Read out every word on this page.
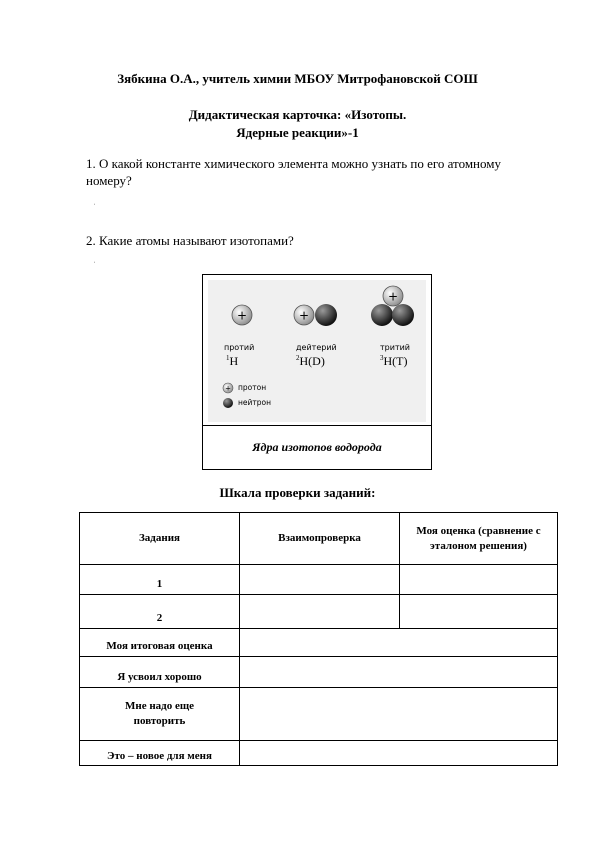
Зябкина О.А., учитель химии МБОУ Митрофановской СОШ
Дидактическая карточка: «Изотопы.
Ядерные реакции»-1
1. О какой константе химического элемента можно узнать по его атомному номеру?
ˌ
2. Какие атомы называют изотопами?
ˌ
+	+
+
+
протий
$^1$H
дейтерий
$^2$H(D)
тритий
$^3$H(T)
протон
нейтрон
Ядра изотопов водорода
Шкала проверки заданий:
Задания	Взаимопроверка	Моя оценка (сравнение с эталоном решения)
1		
2		
Моя итоговая оценка		
Я усвоил хорошо		
Мне надо еще повторить		
Это – новое для меня		
